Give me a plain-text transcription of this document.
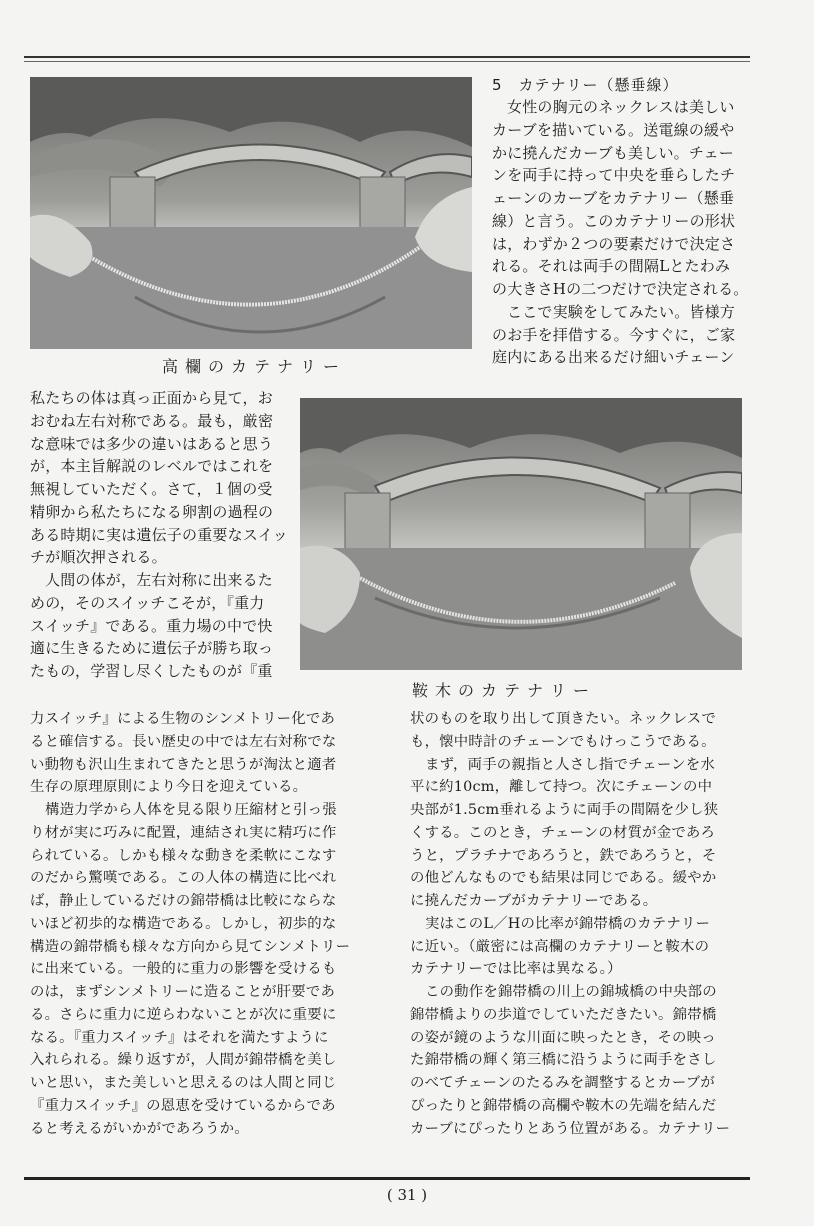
高欄のカテナリー
鞍木のカテナリー
5　カテナリー（懸垂線）

女性の胸元のネックレスは美しい

カーブを描いている。送電線の緩や

かに撓んだカーブも美しい。チェー

ンを両手に持って中央を垂らしたチ

ェーンのカーブをカテナリー（懸垂

線）と言う。このカテナリーの形状

は，わずか２つの要素だけで決定さ

れる。それは両手の間隔Lとたわみ

の大きさHの二つだけで決定される。

ここで実験をしてみたい。皆様方

のお手を拝借する。今すぐに，ご家

庭内にある出来るだけ細いチェーン

私たちの体は真っ正面から見て，お

おむね左右対称である。最も，厳密

な意味では多少の違いはあると思う

が，本主旨解説のレベルではこれを

無視していただく。さて，１個の受

精卵から私たちになる卵割の過程の

ある時期に実は遺伝子の重要なスイッ

チが順次押される。

人間の体が，左右対称に出来るた

めの，そのスイッチこそが，『重力

スイッチ』である。重力場の中で快

適に生きるために遺伝子が勝ち取っ

たもの，学習し尽くしたものが『重

力スイッチ』による生物のシンメトリー化であ

ると確信する。長い歴史の中では左右対称でな

い動物も沢山生まれてきたと思うが淘汰と適者

生存の原理原則により今日を迎えている。

構造力学から人体を見る限り圧縮材と引っ張

り材が実に巧みに配置，連結され実に精巧に作

られている。しかも様々な動きを柔軟にこなす

のだから驚嘆である。この人体の構造に比べれ

ば，静止しているだけの錦帯橋は比較にならな

いほど初歩的な構造である。しかし，初歩的な

構造の錦帯橋も様々な方向から見てシンメトリー

に出来ている。一般的に重力の影響を受けるも

のは，まずシンメトリーに造ることが肝要であ

る。さらに重力に逆らわないことが次に重要に

なる。『重力スイッチ』はそれを満たすように

入れられる。繰り返すが，人間が錦帯橋を美し

いと思い，また美しいと思えるのは人間と同じ

『重力スイッチ』の恩恵を受けているからであ

ると考えるがいかがであろうか。

状のものを取り出して頂きたい。ネックレスで

も，懐中時計のチェーンでもけっこうである。

まず，両手の親指と人さし指でチェーンを水

平に約10cm，離して持つ。次にチェーンの中

央部が1.5cm垂れるように両手の間隔を少し狭

くする。このとき，チェーンの材質が金であろ

うと，プラチナであろうと，鉄であろうと，そ

の他どんなものでも結果は同じである。緩やか

に撓んだカーブがカテナリーである。

実はこのL／Hの比率が錦帯橋のカテナリー

に近い。（厳密には高欄のカテナリーと鞍木の

カテナリーでは比率は異なる。）

この動作を錦帯橋の川上の錦城橋の中央部の

錦帯橋よりの歩道でしていただきたい。錦帯橋

の姿が鏡のような川面に映ったとき，その映っ

た錦帯橋の輝く第三橋に沿うように両手をさし

のべてチェーンのたるみを調整するとカーブが

ぴったりと錦帯橋の高欄や鞍木の先端を結んだ

カーブにぴったりとあう位置がある。カテナリー

( 31 )
